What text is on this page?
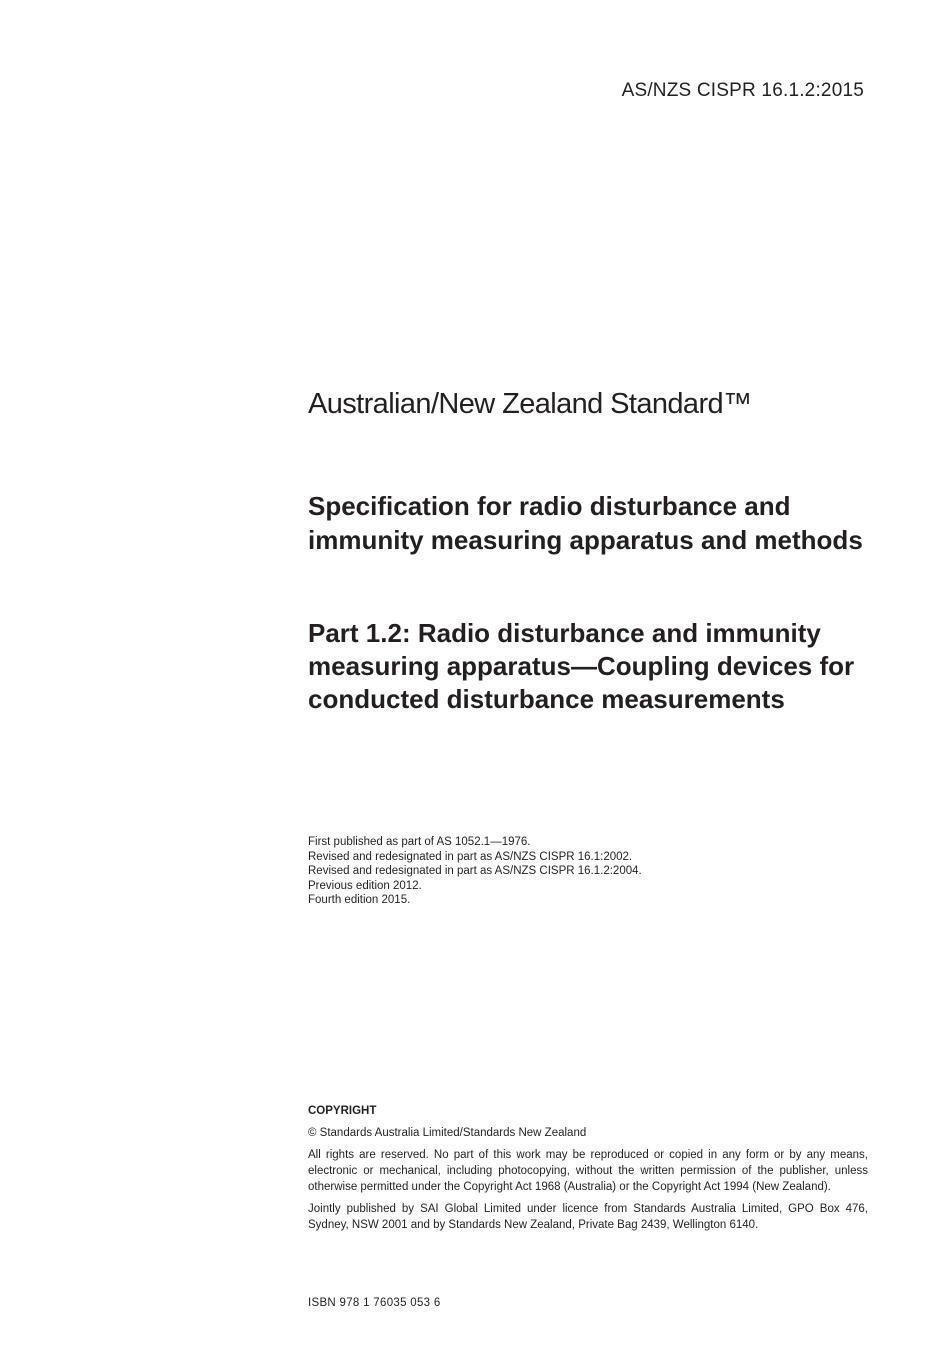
AS/NZS CISPR 16.1.2:2015
Australian/New Zealand Standard™
Specification for radio disturbance and immunity measuring apparatus and methods
Part 1.2: Radio disturbance and immunity measuring apparatus—Coupling devices for conducted disturbance measurements
First published as part of AS 1052.1—1976.
Revised and redesignated in part as AS/NZS CISPR 16.1:2002.
Revised and redesignated in part as AS/NZS CISPR 16.1.2:2004.
Previous edition 2012.
Fourth edition 2015.
COPYRIGHT
© Standards Australia Limited/Standards New Zealand
All rights are reserved. No part of this work may be reproduced or copied in any form or by any means, electronic or mechanical, including photocopying, without the written permission of the publisher, unless otherwise permitted under the Copyright Act 1968 (Australia) or the Copyright Act 1994 (New Zealand).
Jointly published by SAI Global Limited under licence from Standards Australia Limited, GPO Box 476, Sydney, NSW 2001 and by Standards New Zealand, Private Bag 2439, Wellington 6140.
ISBN 978 1 76035 053 6
